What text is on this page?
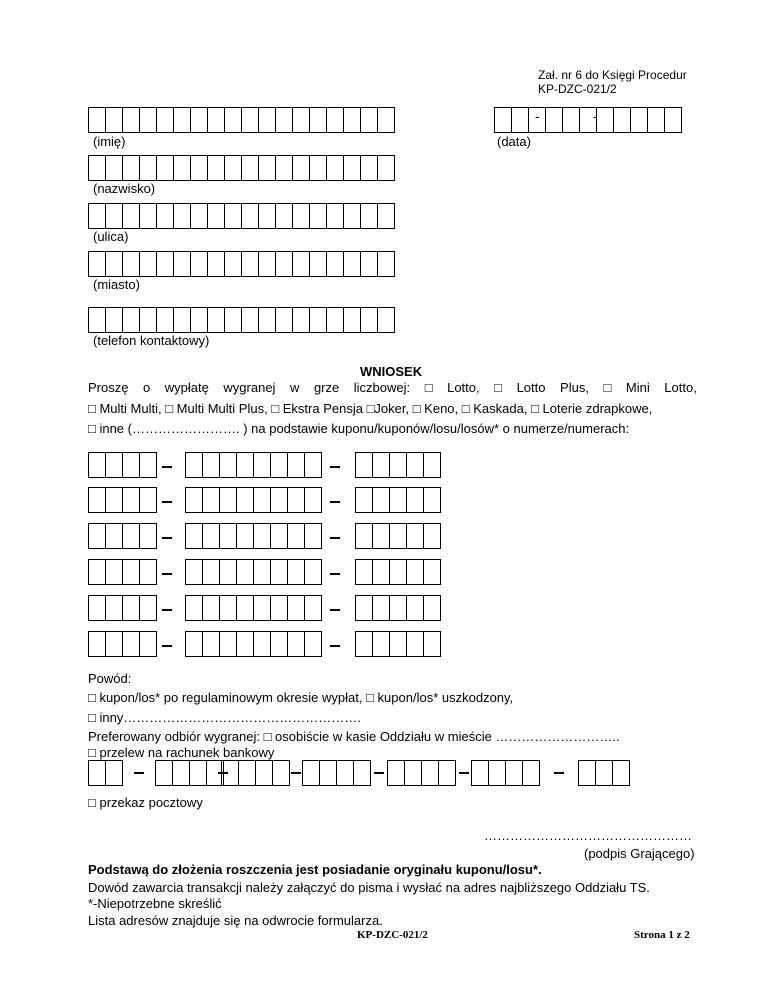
Zał. nr 6 do Księgi Procedur
KP-DZC-021/2
(imię)
-	-
(data)
(nazwisko)
(ulica)
(miasto)
(telefon kontaktowy)
WNIOSEK
Proszę o wypłatę wygranej w grze liczbowej: □ Lotto, □ Lotto Plus, □ Mini Lotto,
□ Multi Multi, □ Multi Multi Plus, □ Ekstra Pensja □Joker, □ Keno, □ Kaskada, □ Loterie zdrapkowe,
□ inne (……………………. ) na podstawie kuponu/kuponów/losu/losów* o numerze/numerach:
Powód:
□ kupon/los* po regulaminowym okresie wypłat, □ kupon/los* uszkodzony,
□ inny……………………………………………….
Preferowany odbiór wygranej: □ osobiście w kasie Oddziału w mieście ………………………..
□ przelew na rachunek bankowy
□ przekaz pocztowy
…………………………………………
(podpis Grającego)
Podstawą do złożenia roszczenia jest posiadanie oryginału kuponu/losu*.
Dowód zawarcia transakcji należy załączyć do pisma i wysłać na adres najbliższego Oddziału TS.
*-Niepotrzebne skreślić
Lista adresów znajduje się na odwrocie formularza.
KP-DZC-021/2	Strona 1 z 2
